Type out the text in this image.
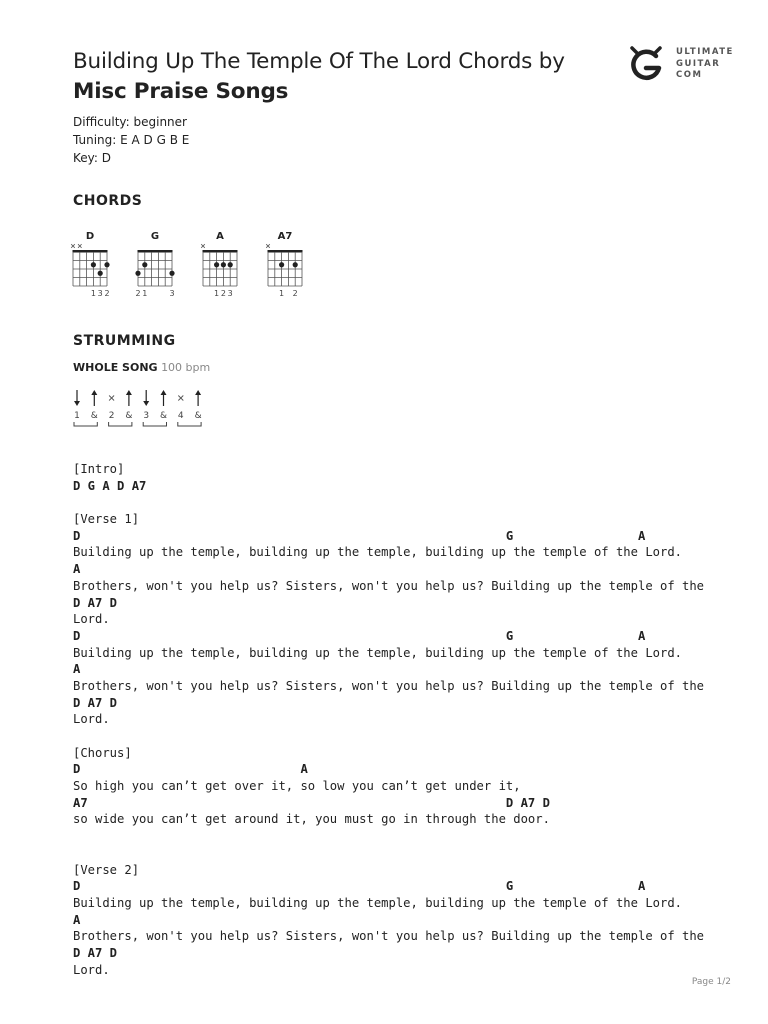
Building Up The Temple Of The Lord Chords by
Misc Praise Songs
ULTIMATE
GUITAR
COM
Difficulty: beginner
Tuning: E A D G B E
Key: D
CHORDS
D
1 3 2
G
2 1	3
A
1 2 3
A7
1 2
STRUMMING
WHOLE SONG 100 bpm
1 & 2 & 3 & 4 &
[Intro]
D G A D A7
[Verse 1]
D                                                          G                 A
Building up the temple, building up the temple, building up the temple of the Lord.
A
Brothers, won't you help us? Sisters, won't you help us? Building up the temple of the
D A7 D
Lord.
D                                                          G                 A
Building up the temple, building up the temple, building up the temple of the Lord.
A
Brothers, won't you help us? Sisters, won't you help us? Building up the temple of the
D A7 D
Lord.
[Chorus]
D                              A
So high you can’t get over it, so low you can’t get under it,
A7                                                         D A7 D
so wide you can’t get around it, you must go in through the door.
[Verse 2]
D                                                          G                 A
Building up the temple, building up the temple, building up the temple of the Lord.
A
Brothers, won't you help us? Sisters, won't you help us? Building up the temple of the
D A7 D
Lord.
Page 1/2
